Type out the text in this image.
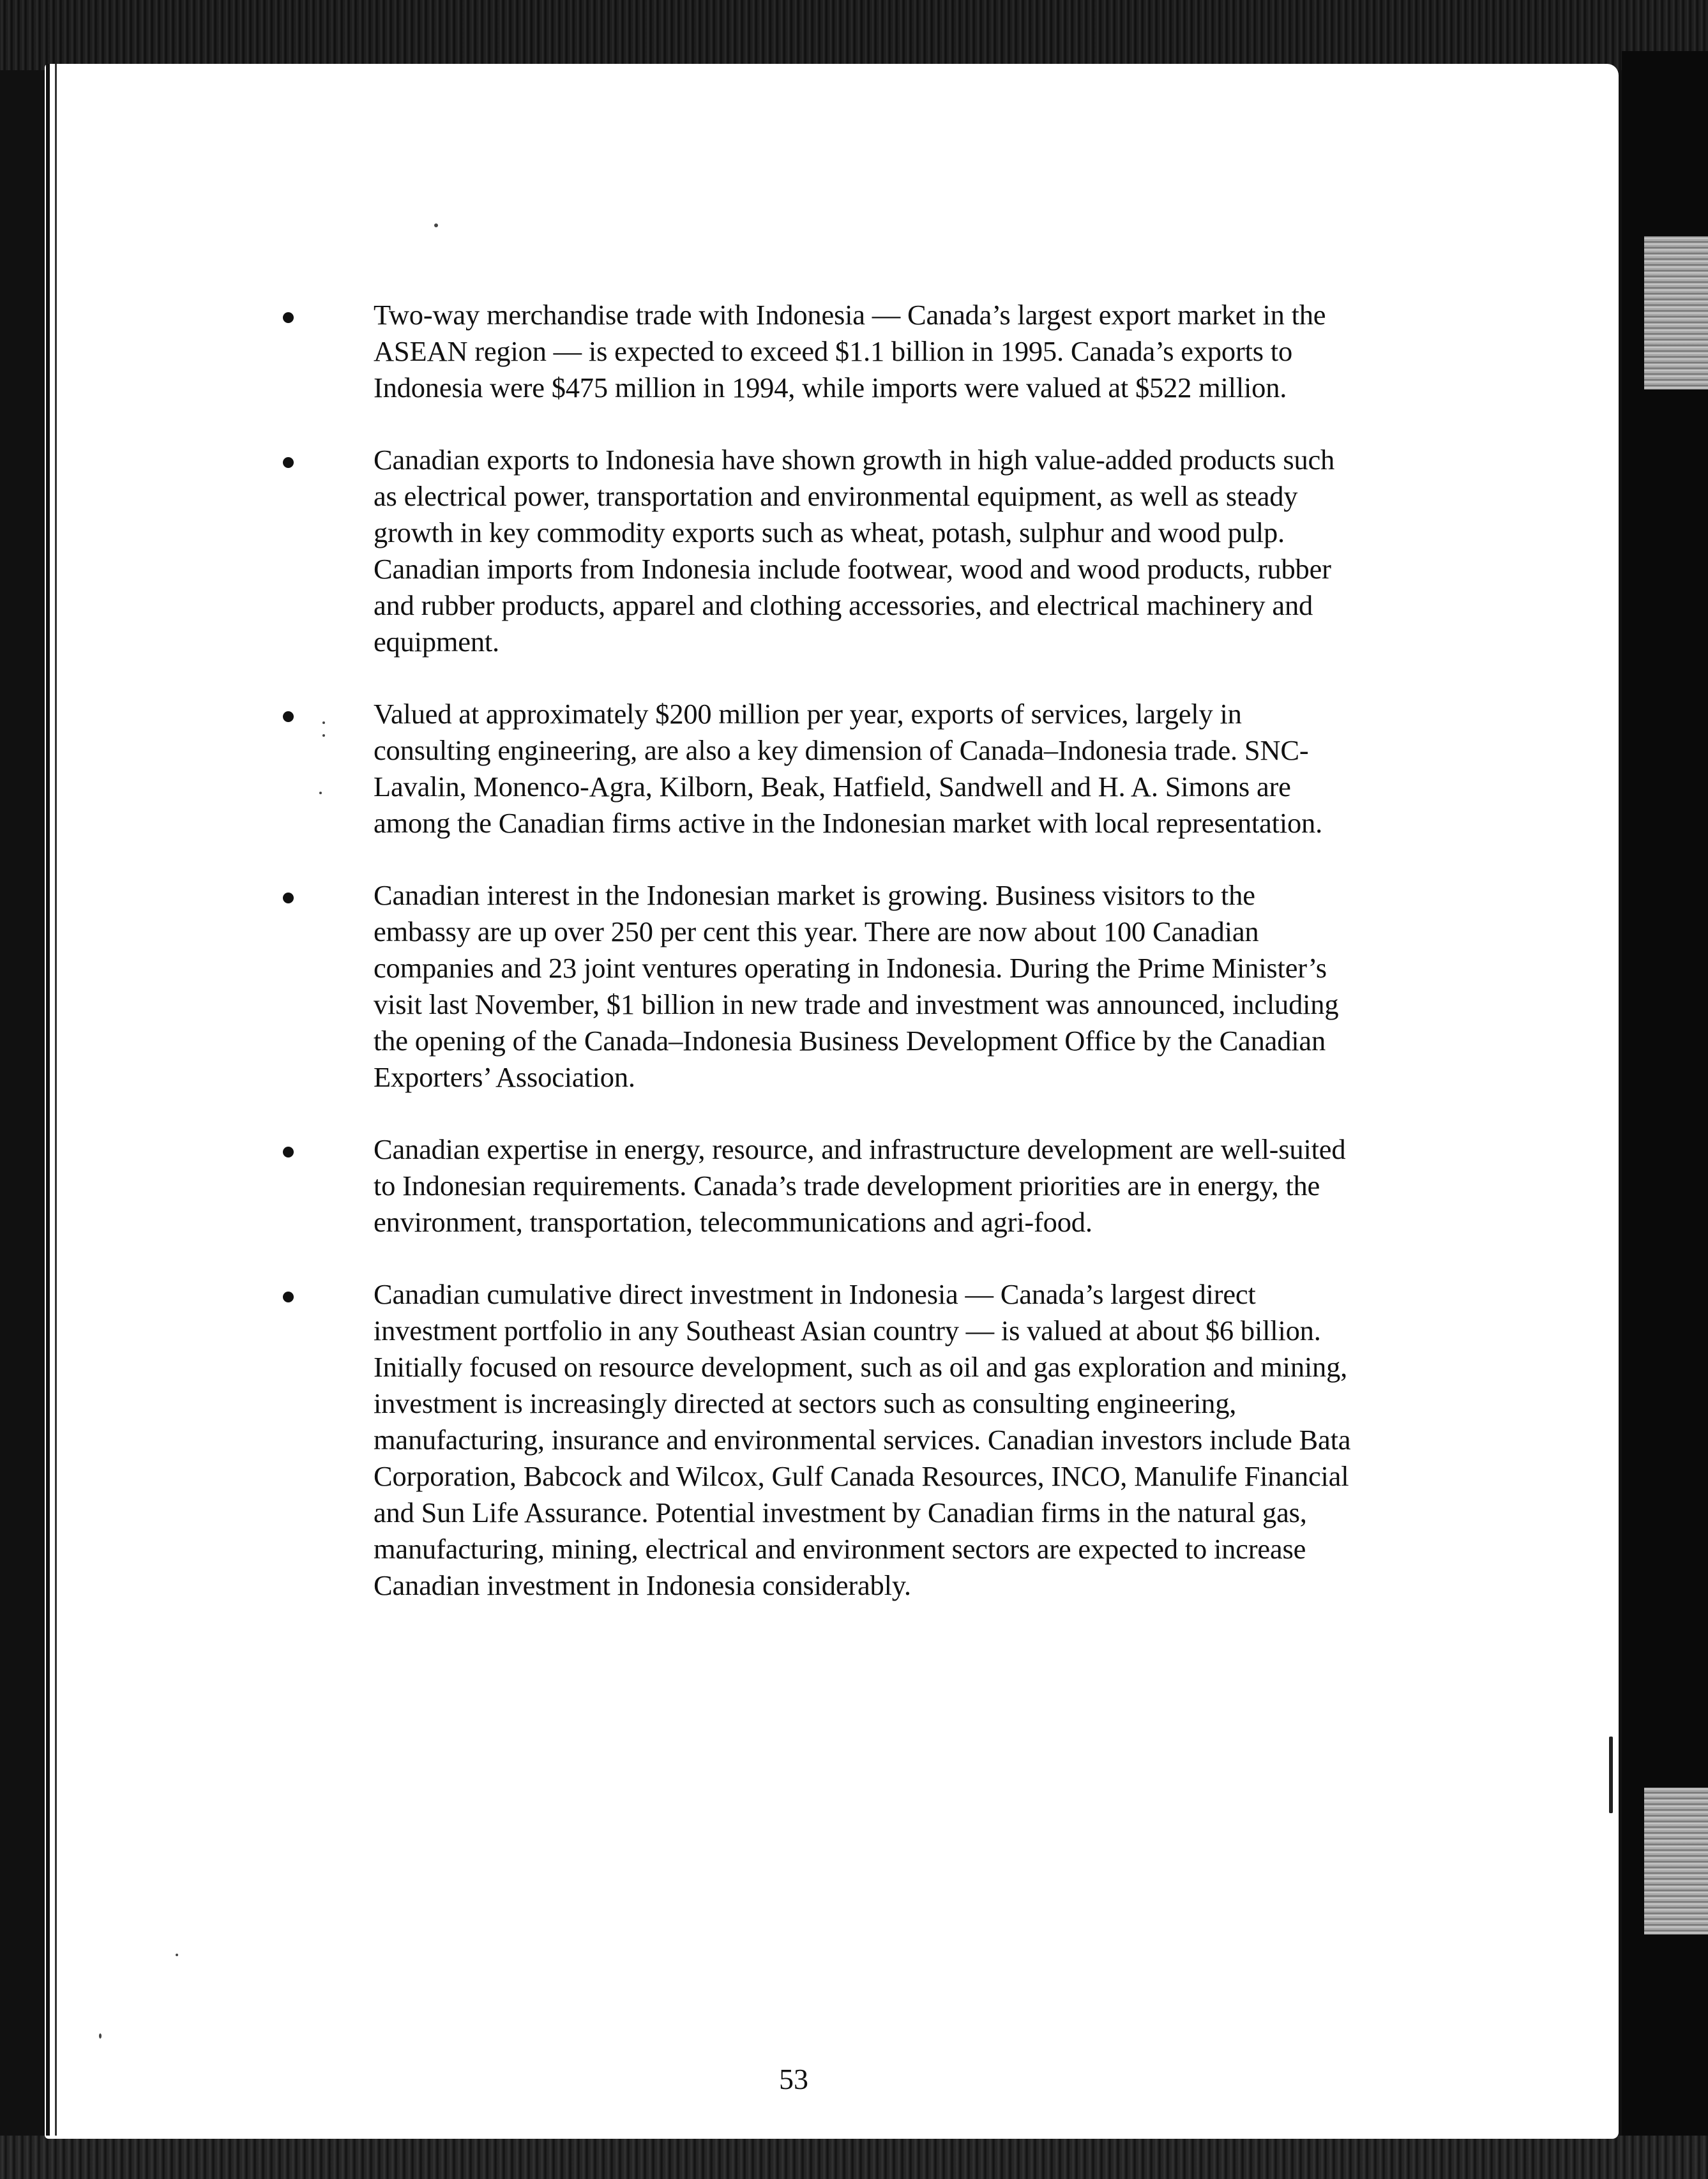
Two-way merchandise trade with Indonesia — Canada’s largest export market in the ASEAN region — is expected to exceed $1.1 billion in 1995. Canada’s exports to Indonesia were $475 million in 1994, while imports were valued at $522 million.
Canadian exports to Indonesia have shown growth in high value-added products such as electrical power, transportation and environmental equipment, as well as steady growth in key commodity exports such as wheat, potash, sulphur and wood pulp. Canadian imports from Indonesia include footwear, wood and wood products, rubber and rubber products, apparel and clothing accessories, and electrical machinery and equipment.
Valued at approximately $200 million per year, exports of services, largely in consulting engineering, are also a key dimension of Canada–Indonesia trade. SNC-Lavalin, Monenco-Agra, Kilborn, Beak, Hatfield, Sandwell and H. A. Simons are among the Canadian firms active in the Indonesian market with local representation.
Canadian interest in the Indonesian market is growing. Business visitors to the embassy are up over 250 per cent this year. There are now about 100 Canadian companies and 23 joint ventures operating in Indonesia. During the Prime Minister’s visit last November, $1 billion in new trade and investment was announced, including the opening of the Canada–Indonesia Business Development Office by the Canadian Exporters’ Association.
Canadian expertise in energy, resource, and infrastructure development are well-suited to Indonesian requirements. Canada’s trade development priorities are in energy, the environment, transportation, telecommunications and agri-food.
Canadian cumulative direct investment in Indonesia — Canada’s largest direct investment portfolio in any Southeast Asian country — is valued at about $6 billion. Initially focused on resource development, such as oil and gas exploration and mining, investment is increasingly directed at sectors such as consulting engineering, manufacturing, insurance and environmental services. Canadian investors include Bata Corporation, Babcock and Wilcox, Gulf Canada Resources, INCO, Manulife Financial and Sun Life Assurance. Potential investment by Canadian firms in the natural gas, manufacturing, mining, electrical and environment sectors are expected to increase Canadian investment in Indonesia considerably.
53
